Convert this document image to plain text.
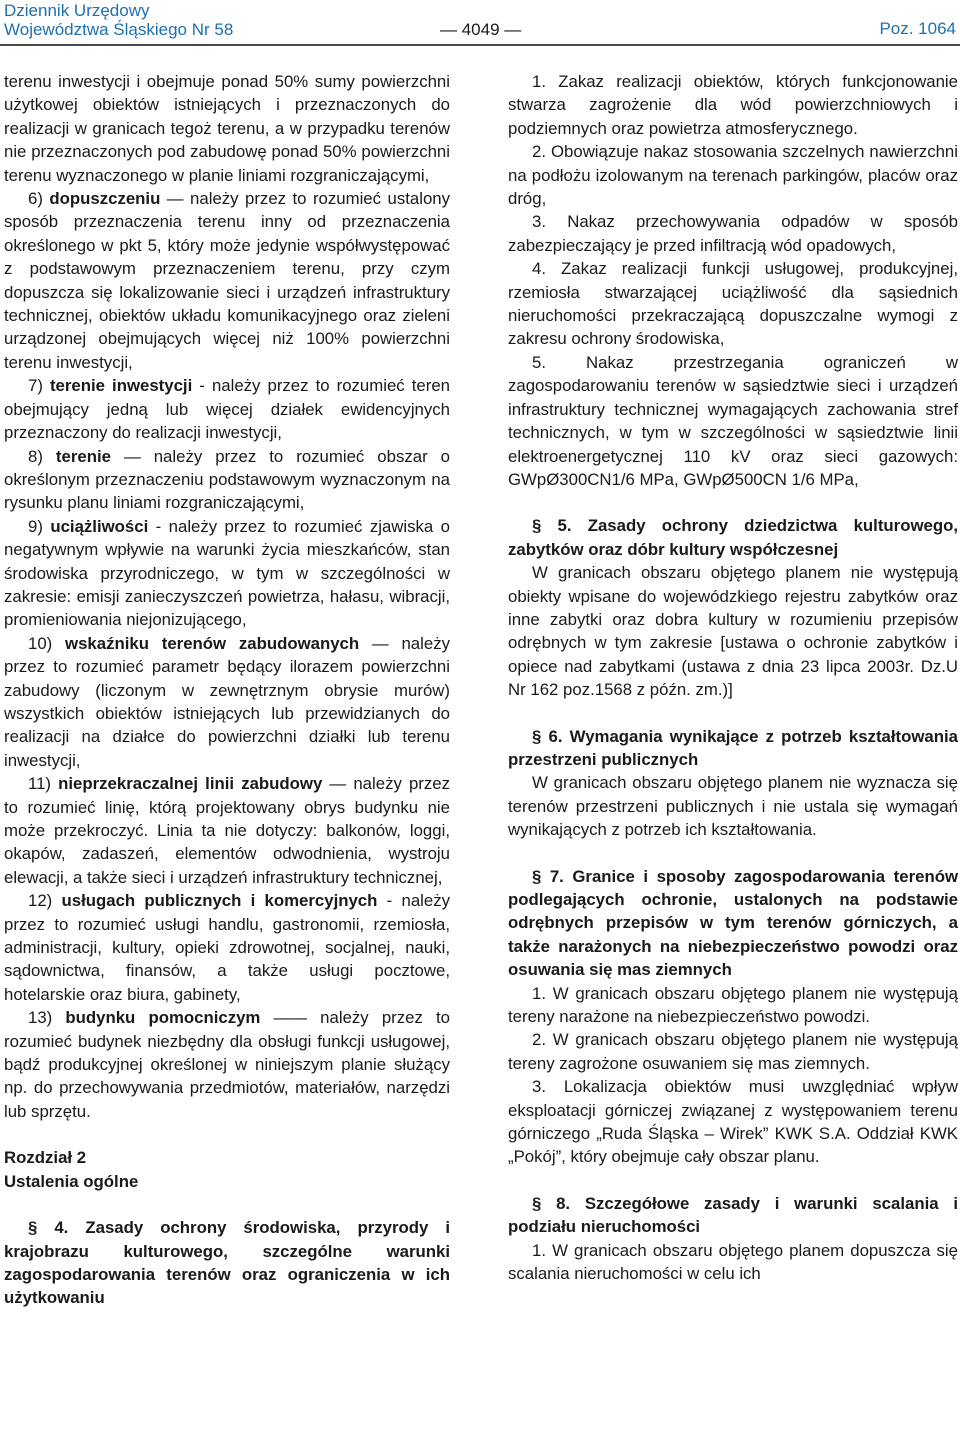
Dziennik Urzędowy
Województwa Śląskiego Nr 58	— 4049 —	Poz. 1064

terenu inwestycji i obejmuje ponad 50% sumy powierzchni użytkowej obiektów istniejących i przeznaczonych do realizacji w granicach tegoż terenu, a w przypadku terenów nie przeznaczonych pod zabudowę ponad 50% powierzchni terenu wyznaczonego w planie liniami rozgraniczającymi,

6) dopuszczeniu — należy przez to rozumieć ustalony sposób przeznaczenia terenu inny od przeznaczenia określonego w pkt 5, który może jedynie współwystępować z podstawowym przeznaczeniem terenu, przy czym dopuszcza się lokalizowanie sieci i urządzeń infrastruktury technicznej, obiektów układu komunikacyjnego oraz zieleni urządzonej obejmujących więcej niż 100% powierzchni terenu inwestycji,

7) terenie inwestycji - należy przez to rozumieć teren obejmujący jedną lub więcej działek ewidencyjnych przeznaczony do realizacji inwestycji,

8) terenie — należy przez to rozumieć obszar o określonym przeznaczeniu podstawowym wyznaczonym na rysunku planu liniami rozgraniczającymi,

9) uciążliwości - należy przez to rozumieć zjawiska o negatywnym wpływie na warunki życia mieszkańców, stan środowiska przyrodniczego, w tym w szczególności w zakresie: emisji zanieczyszczeń powietrza, hałasu, wibracji, promieniowania niejonizującego,

10) wskaźniku terenów zabudowanych — należy przez to rozumieć parametr będący ilorazem powierzchni zabudowy (liczonym w zewnętrznym obrysie murów) wszystkich obiektów istniejących lub przewidzianych do realizacji na działce do powierzchni działki lub terenu inwestycji,

11) nieprzekraczalnej linii zabudowy — należy przez to rozumieć linię, którą projektowany obrys budynku nie może przekroczyć. Linia ta nie dotyczy: balkonów, loggi, okapów, zadaszeń, elementów odwodnienia, wystroju elewacji, a także sieci i urządzeń infrastruktury technicznej,

12) usługach publicznych i komercyjnych - należy przez to rozumieć usługi handlu, gastronomii, rzemiosła, administracji, kultury, opieki zdrowotnej, socjalnej, nauki, sądownictwa, finansów, a także usługi pocztowe, hotelarskie oraz biura, gabinety,

13) budynku pomocniczym —— należy przez to rozumieć budynek niezbędny dla obsługi funkcji usługowej, bądź produkcyjnej określonej w niniejszym planie służący np. do przechowywania przedmiotów, materiałów, narzędzi lub sprzętu.

Rozdział 2
Ustalenia ogólne
§ 4. Zasady ochrony środowiska, przyrody i krajobrazu kulturowego, szczególne warunki zagospodarowania terenów oraz ograniczenia w ich użytkowaniu

1. Zakaz realizacji obiektów, których funkcjonowanie stwarza zagrożenie dla wód powierzchniowych i podziemnych oraz powietrza atmosferycznego.

2. Obowiązuje nakaz stosowania szczelnych nawierzchni na podłożu izolowanym na terenach parkingów, placów oraz dróg,

3. Nakaz przechowywania odpadów w sposób zabezpieczający je przed infiltracją wód opadowych,

4. Zakaz realizacji funkcji usługowej, produkcyjnej, rzemiosła stwarzającej uciążliwość dla sąsiednich nieruchomości przekraczającą dopuszczalne wymogi z zakresu ochrony środowiska,

5. Nakaz przestrzegania ograniczeń w zagospodarowaniu terenów w sąsiedztwie sieci i urządzeń infrastruktury technicznej wymagających zachowania stref technicznych, w tym w szczególności w sąsiedztwie linii elektroenergetycznej 110 kV oraz sieci gazowych: GWpØ300CN1/6 MPa, GWpØ500CN 1/6 MPa,

§ 5. Zasady ochrony dziedzictwa kulturowego, zabytków oraz dóbr kultury współczesnej

W granicach obszaru objętego planem nie występują obiekty wpisane do wojewódzkiego rejestru zabytków oraz inne zabytki oraz dobra kultury w rozumieniu przepisów odrębnych w tym zakresie [ustawa o ochronie zabytków i opiece nad zabytkami (ustawa z dnia 23 lipca 2003r. Dz.U Nr 162 poz.1568 z późn. zm.)]

§ 6. Wymagania wynikające z potrzeb kształtowania przestrzeni publicznych

W granicach obszaru objętego planem nie wyznacza się terenów przestrzeni publicznych i nie ustala się wymagań wynikających z potrzeb ich kształtowania.

§ 7. Granice i sposoby zagospodarowania terenów podlegających ochronie, ustalonych na podstawie odrębnych przepisów w tym terenów górniczych, a także narażonych na niebezpieczeństwo powodzi oraz osuwania się mas ziemnych

1. W granicach obszaru objętego planem nie występują tereny narażone na niebezpieczeństwo powodzi.

2. W granicach obszaru objętego planem nie występują tereny zagrożone osuwaniem się mas ziemnych.

3. Lokalizacja obiektów musi uwzględniać wpływ eksploatacji górniczej związanej z występowaniem terenu górniczego „Ruda Śląska – Wirek” KWK S.A. Oddział KWK „Pokój”, który obejmuje cały obszar planu.

§ 8. Szczegółowe zasady i warunki scalania i podziału nieruchomości

1. W granicach obszaru objętego planem dopuszcza się scalania nieruchomości w celu ich
